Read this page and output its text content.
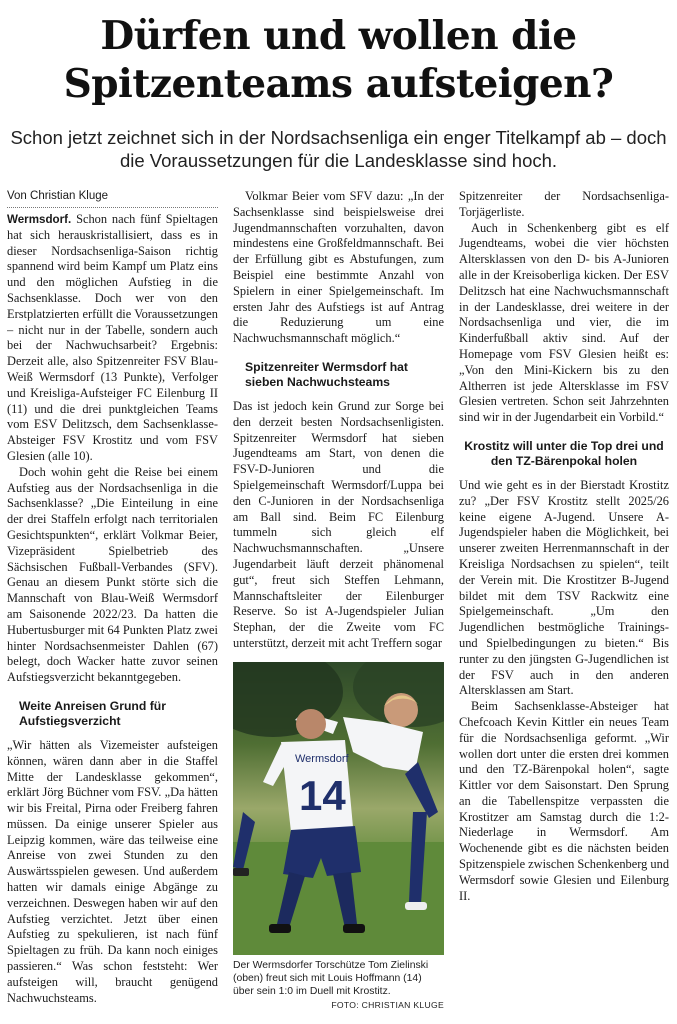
Dürfen und wollen die
Spitzenteams aufsteigen?
Schon jetzt zeichnet sich in der Nordsachsenliga ein enger Titelkampf ab – doch die Voraussetzungen für die Landesklasse sind hoch.
Von Christian Kluge

Wermsdorf. Schon nach fünf Spieltagen hat sich herauskristallisiert, dass es in dieser Nordsachsenliga-Saison richtig spannend wird beim Kampf um Platz eins und den möglichen Aufstieg in die Sachsenklasse. Doch wer von den Erstplatzierten erfüllt die Voraussetzungen – nicht nur in der Tabelle, sondern auch bei der Nachwuchsarbeit? Ergebnis: Derzeit alle, also Spitzenreiter FSV Blau-Weiß Wermsdorf (13 Punkte), Verfolger und Kreisliga-Aufsteiger FC Eilenburg II (11) und die drei punktgleichen Teams vom ESV Delitzsch, dem Sachsenklasse-Absteiger FSV Krostitz und vom FSV Glesien (alle 10).

Doch wohin geht die Reise bei einem Aufstieg aus der Nordsachsenliga in die Sachsenklasse? „Die Einteilung in eine der drei Staffeln erfolgt nach territorialen Gesichtspunkten“, erklärt Volkmar Beier, Vizepräsident Spielbetrieb des Sächsischen Fußball-Verbandes (SFV). Genau an diesem Punkt störte sich die Mannschaft von Blau-Weiß Wermsdorf am Saisonende 2022/23. Da hatten die Hubertusburger mit 64 Punkten Platz zwei hinter Nordsachsenmeister Dahlen (67) belegt, doch Wacker hatte zuvor seinen Aufstiegsverzicht bekanntgegeben.

Weite Anreisen Grund für Aufstiegsverzicht

„Wir hätten als Vizemeister aufsteigen können, wären dann aber in die Staffel Mitte der Landesklasse gekommen“, erklärt Jörg Büchner vom FSV. „Da hätten wir bis Freital, Pirna oder Freiberg fahren müssen. Da einige unserer Spieler aus Leipzig kommen, wäre das teilweise eine Anreise von zwei Stunden zu den Auswärtsspielen gewesen. Und außerdem hatten wir damals einige Abgänge zu verzeichnen. Deswegen haben wir auf den Aufstieg verzichtet. Jetzt über einen Aufstieg zu spekulieren, ist nach fünf Spieltagen zu früh. Da kann noch einiges passieren.“ Was schon feststeht: Wer aufsteigen will, braucht genügend Nachwuchsteams.

Volkmar Beier vom SFV dazu: „In der Sachsenklasse sind beispielsweise drei Jugendmannschaften vorzuhalten, davon mindestens eine Großfeldmannschaft. Bei der Erfüllung gibt es Abstufungen, zum Beispiel eine bestimmte Anzahl von Spielern in einer Spielgemeinschaft. Im ersten Jahr des Aufstiegs ist auf Antrag die Reduzierung um eine Nachwuchsmannschaft möglich.“

Spitzenreiter Wermsdorf hat sieben Nachwuchsteams

Das ist jedoch kein Grund zur Sorge bei den derzeit besten Nordsachsenligisten. Spitzenreiter Wermsdorf hat sieben Jugendteams am Start, von denen die FSV-D-Junioren und die Spielgemeinschaft Wermsdorf/Luppa bei den C-Junioren in der Nordsachsenliga am Ball sind. Beim FC Eilenburg tummeln sich gleich elf Nachwuchsmannschaften. „Unsere Jugendarbeit läuft derzeit phänomenal gut“, freut sich Steffen Lehmann, Mannschaftsleiter der Eilenburger Reserve. So ist A-Jugendspieler Julian Stephan, der die Zweite vom FC unterstützt, derzeit mit acht Treffern sogar

Wermsdorf
14
Der Wermsdorfer Torschütze Tom Zielinski (oben) freut sich mit Louis Hoffmann (14) über sein 1:0 im Duell mit Krostitz.
FOTO: CHRISTIAN KLUGE

Spitzenreiter der Nordsachsenliga-Torjägerliste.

Auch in Schenkenberg gibt es elf Jugendteams, wobei die vier höchsten Altersklassen von den D- bis A-Junioren alle in der Kreisoberliga kicken. Der ESV Delitzsch hat eine Nachwuchsmannschaft in der Landesklasse, drei weitere in der Nordsachsenliga und vier, die im Kinderfußball aktiv sind. Auf der Homepage vom FSV Glesien heißt es: „Von den Mini-Kickern bis zu den Altherren ist jede Altersklasse im FSV Glesien vertreten. Schon seit Jahrzehnten sind wir in der Jugendarbeit ein Vorbild.“

Krostitz will unter die Top drei und den TZ-Bärenpokal holen

Und wie geht es in der Bierstadt Krostitz zu? „Der FSV Krostitz stellt 2025/26 keine eigene A-Jugend. Unsere A-Jugendspieler haben die Möglichkeit, bei unserer zweiten Herrenmannschaft in der Kreisliga Nordsachsen zu spielen“, teilt der Verein mit. Die Krostitzer B-Jugend bildet mit dem TSV Rackwitz eine Spielgemeinschaft. „Um den Jugendlichen bestmögliche Trainings- und Spielbedingungen zu bieten.“ Bis runter zu den jüngsten G-Jugendlichen ist der FSV auch in den anderen Altersklassen am Start.

Beim Sachsenklasse-Absteiger hat Chefcoach Kevin Kittler ein neues Team für die Nordsachsenliga geformt. „Wir wollen dort unter die ersten drei kommen und den TZ-Bärenpokal holen“, sagte Kittler vor dem Saisonstart. Den Sprung an die Tabellenspitze verpassten die Krostitzer am Samstag durch die 1:2-Niederlage in Wermsdorf. Am Wochenende gibt es die nächsten beiden Spitzenspiele zwischen Schenkenberg und Wermsdorf sowie Glesien und Eilenburg II.
